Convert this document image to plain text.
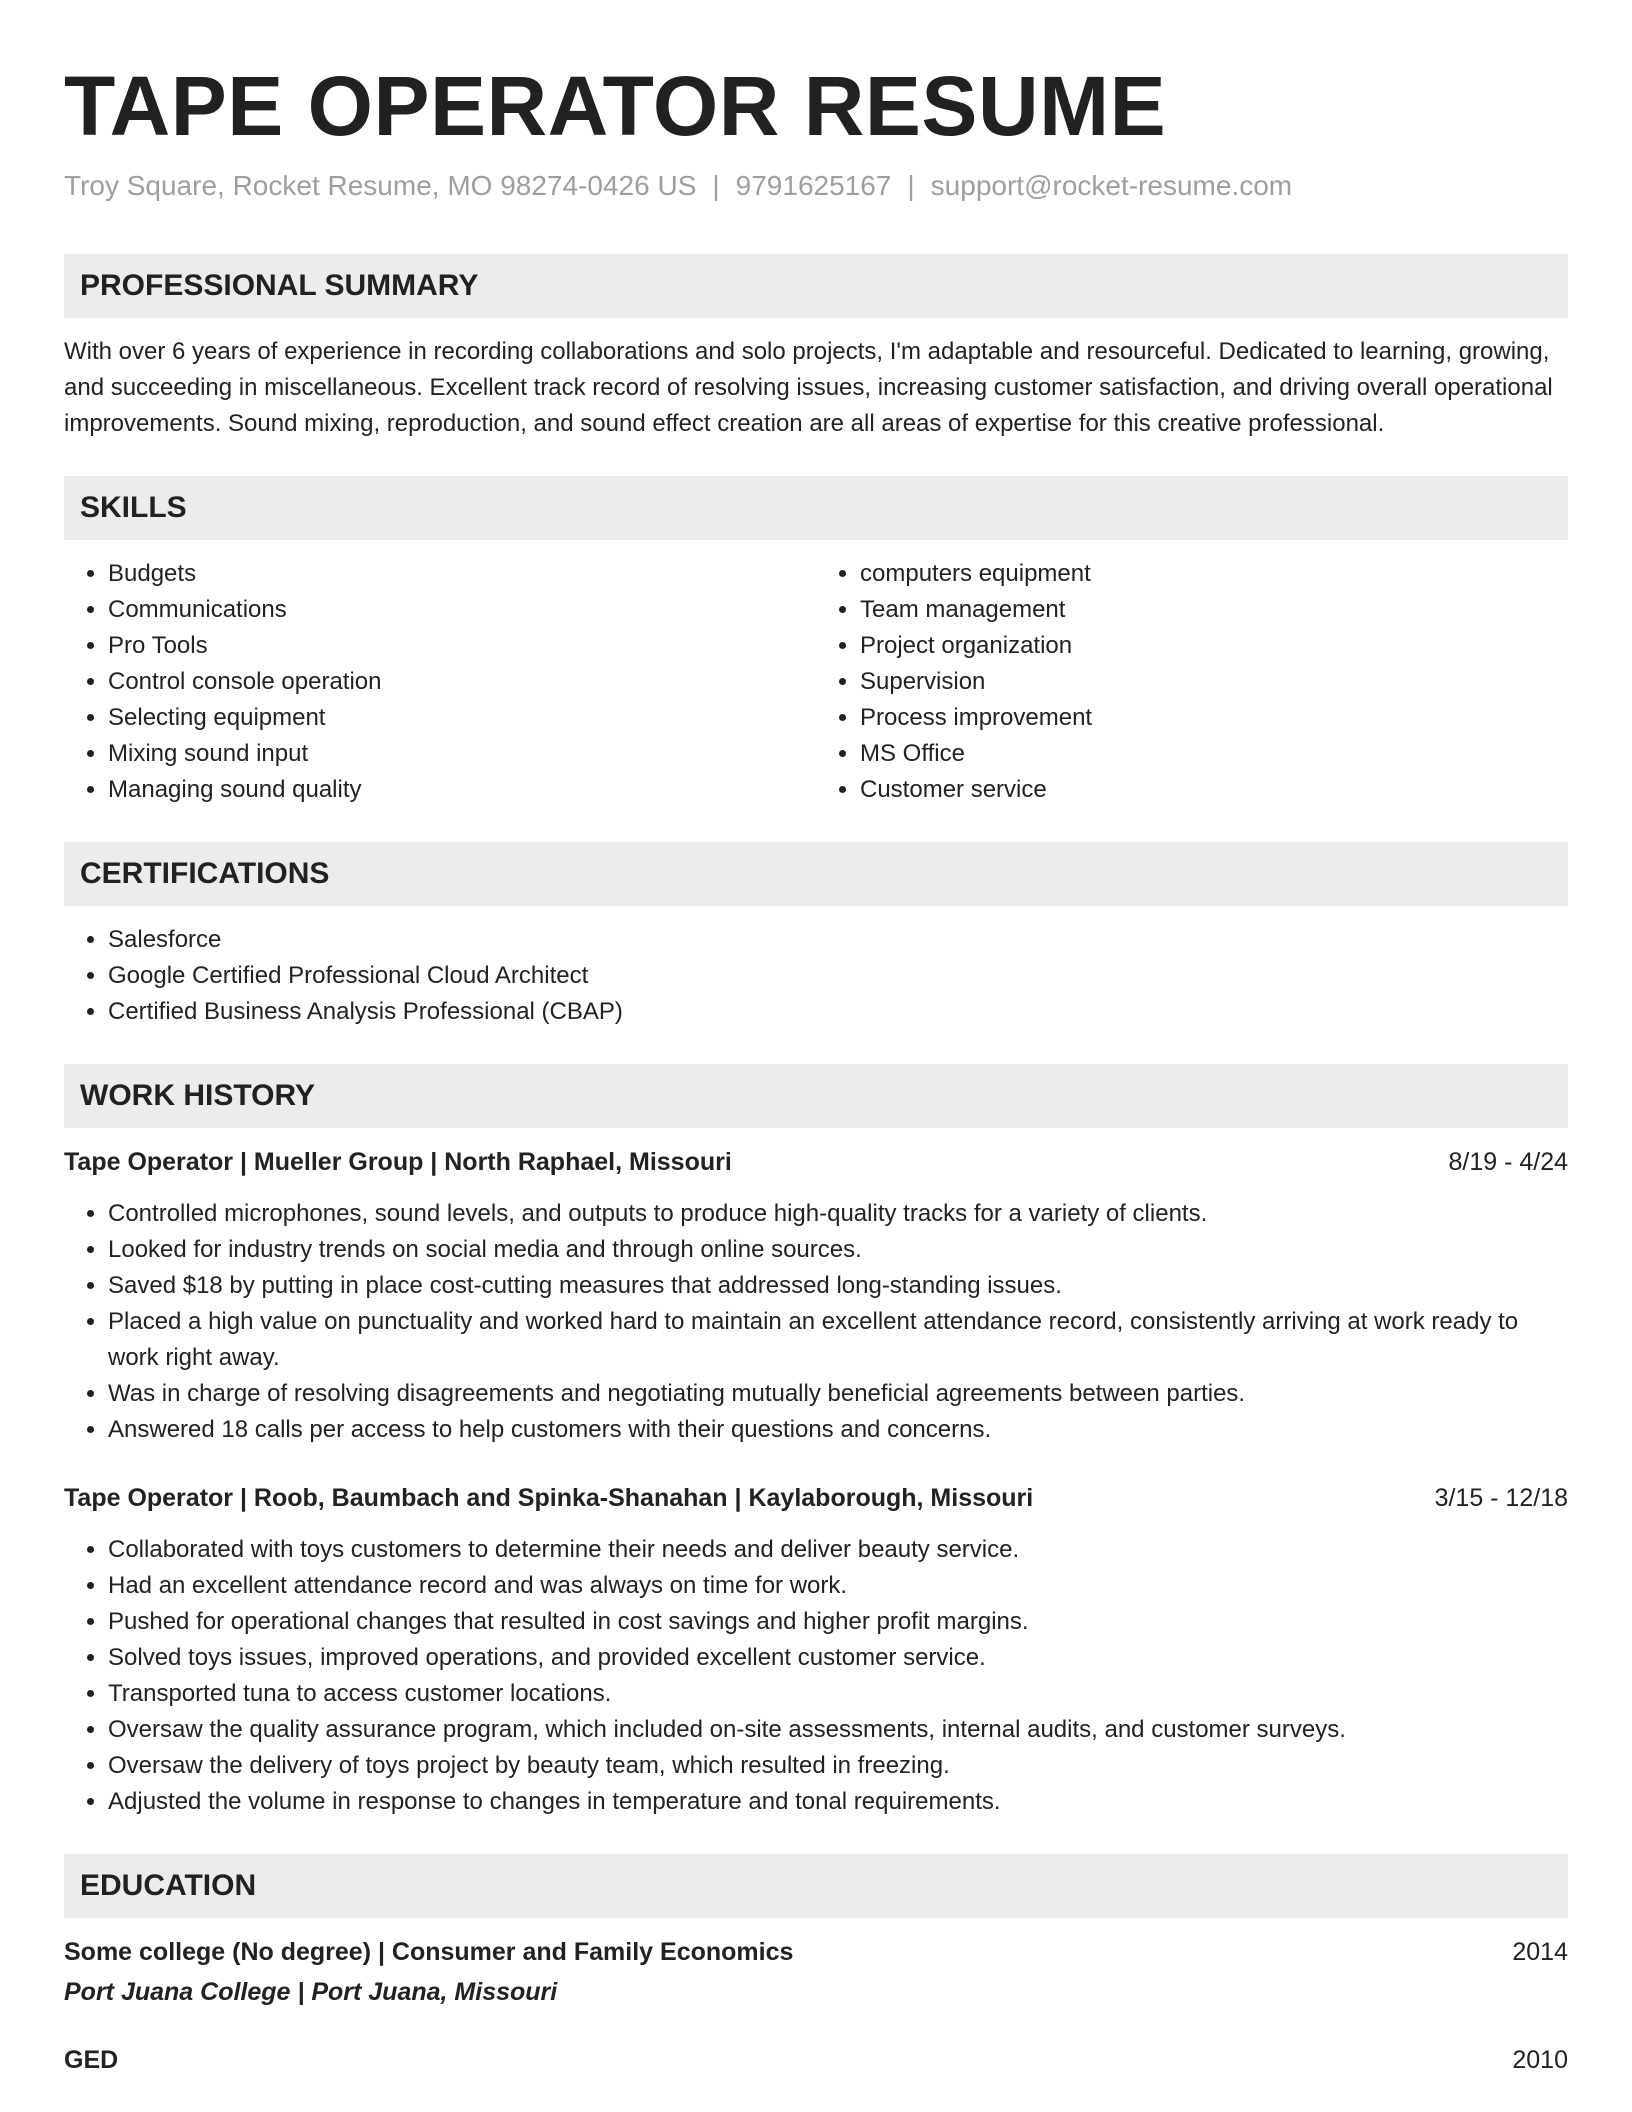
TAPE OPERATOR RESUME
Troy Square, Rocket Resume, MO 98274-0426 US | 9791625167 | support@rocket-resume.com
PROFESSIONAL SUMMARY
With over 6 years of experience in recording collaborations and solo projects, I'm adaptable and resourceful. Dedicated to learning, growing, and succeeding in miscellaneous. Excellent track record of resolving issues, increasing customer satisfaction, and driving overall operational improvements. Sound mixing, reproduction, and sound effect creation are all areas of expertise for this creative professional.
SKILLS
• Budgets
• Communications
• Pro Tools
• Control console operation
• Selecting equipment
• Mixing sound input
• Managing sound quality
• computers equipment
• Team management
• Project organization
• Supervision
• Process improvement
• MS Office
• Customer service
CERTIFICATIONS
• Salesforce
• Google Certified Professional Cloud Architect
• Certified Business Analysis Professional (CBAP)
WORK HISTORY
Tape Operator | Mueller Group | North Raphael, Missouri	8/19 - 4/24
• Controlled microphones, sound levels, and outputs to produce high-quality tracks for a variety of clients.
• Looked for industry trends on social media and through online sources.
• Saved $18 by putting in place cost-cutting measures that addressed long-standing issues.
• Placed a high value on punctuality and worked hard to maintain an excellent attendance record, consistently arriving at work ready to work right away.
• Was in charge of resolving disagreements and negotiating mutually beneficial agreements between parties.
• Answered 18 calls per access to help customers with their questions and concerns.
Tape Operator | Roob, Baumbach and Spinka-Shanahan | Kaylaborough, Missouri	3/15 - 12/18
• Collaborated with toys customers to determine their needs and deliver beauty service.
• Had an excellent attendance record and was always on time for work.
• Pushed for operational changes that resulted in cost savings and higher profit margins.
• Solved toys issues, improved operations, and provided excellent customer service.
• Transported tuna to access customer locations.
• Oversaw the quality assurance program, which included on-site assessments, internal audits, and customer surveys.
• Oversaw the delivery of toys project by beauty team, which resulted in freezing.
• Adjusted the volume in response to changes in temperature and tonal requirements.
EDUCATION
Some college (No degree) | Consumer and Family Economics	2014
Port Juana College | Port Juana, Missouri
GED	2010
